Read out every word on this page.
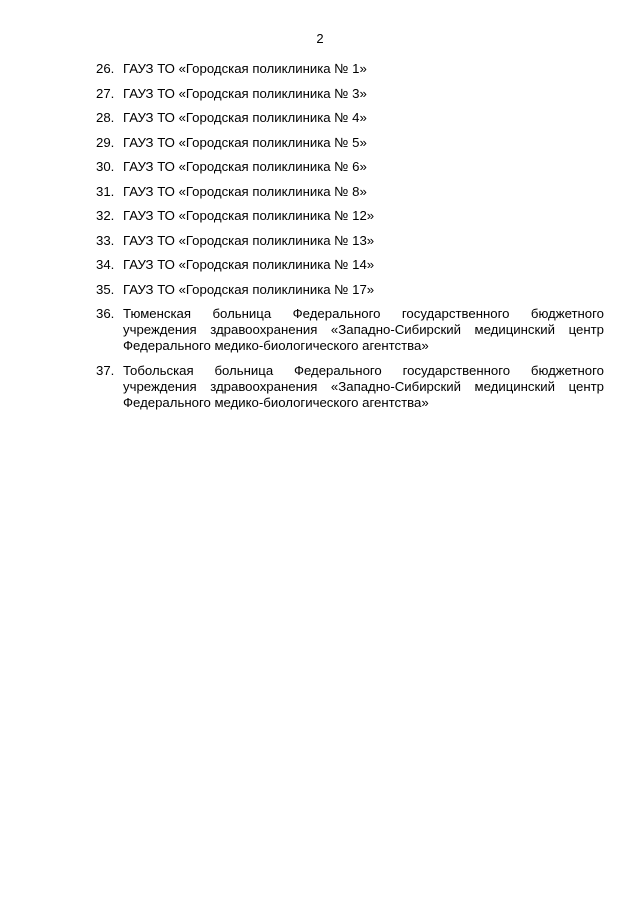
2
26. ГАУЗ ТО «Городская поликлиника № 1»
27. ГАУЗ ТО «Городская поликлиника № 3»
28. ГАУЗ ТО «Городская поликлиника № 4»
29. ГАУЗ ТО «Городская поликлиника № 5»
30. ГАУЗ ТО «Городская поликлиника № 6»
31. ГАУЗ ТО «Городская поликлиника № 8»
32. ГАУЗ ТО «Городская поликлиника № 12»
33. ГАУЗ ТО «Городская поликлиника № 13»
34. ГАУЗ ТО «Городская поликлиника № 14»
35. ГАУЗ ТО «Городская поликлиника № 17»
36. Тюменская больница Федерального государственного бюджетного учреждения здравоохранения «Западно-Сибирский медицинский центр Федерального медико-биологического агентства»
37. Тобольская больница Федерального государственного бюджетного учреждения здравоохранения «Западно-Сибирский медицинский центр Федерального медико-биологического агентства»
